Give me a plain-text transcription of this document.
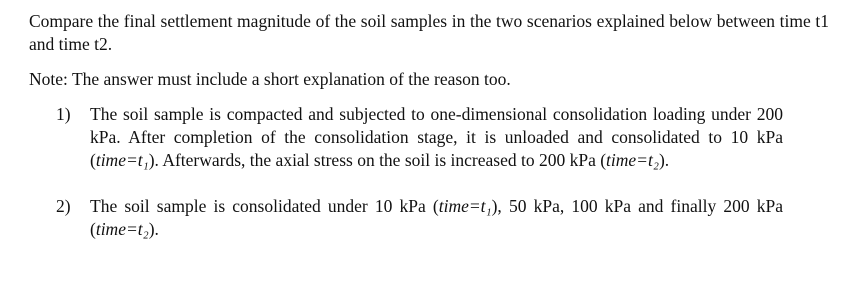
Compare the final settlement magnitude of the soil samples in the two scenarios explained below between time t1 and time t2.
Note: The answer must include a short explanation of the reason too.
1) The soil sample is compacted and subjected to one-dimensional consolidation loading under 200 kPa. After completion of the consolidation stage, it is unloaded and consolidated to 10 kPa (time=t₁). Afterwards, the axial stress on the soil is increased to 200 kPa (time=t₂).
2) The soil sample is consolidated under 10 kPa (time=t₁), 50 kPa, 100 kPa and finally 200 kPa (time=t₂).
